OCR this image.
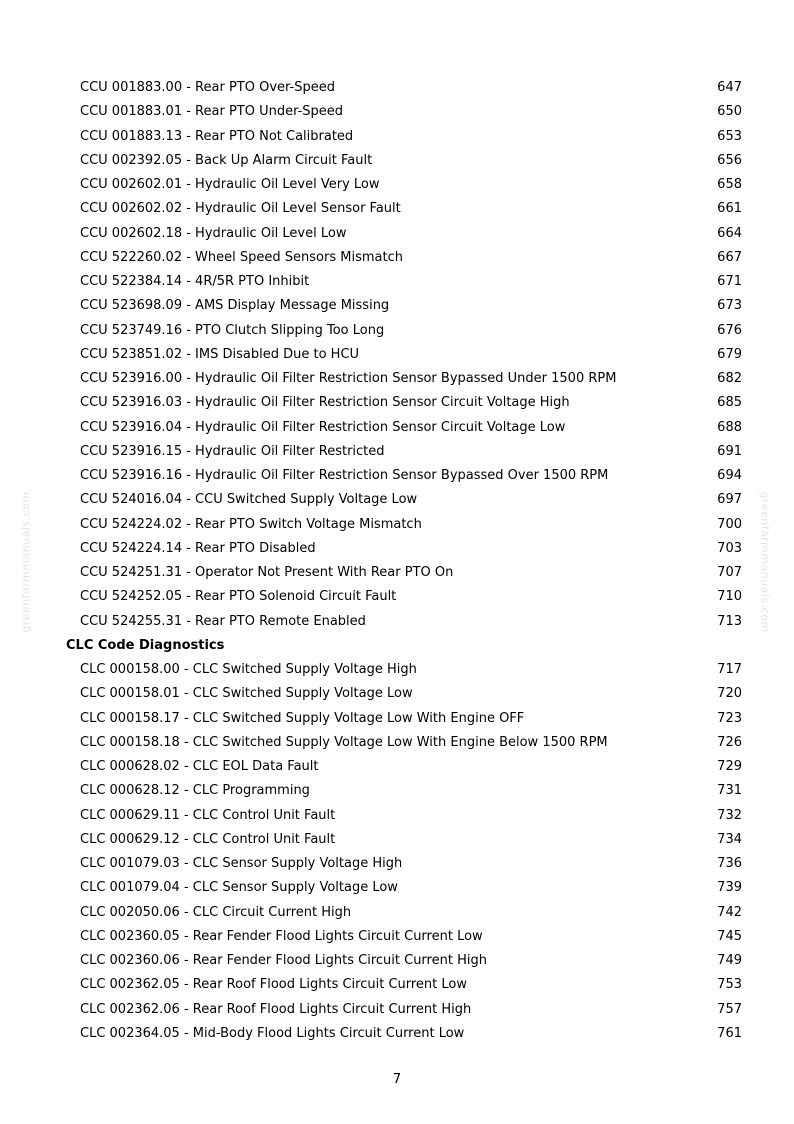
greenfarmmanuals.com	greenfarmmanuals.com
CCU 001883.00 - Rear PTO Over-Speed	647
CCU 001883.01 - Rear PTO Under-Speed	650
CCU 001883.13 - Rear PTO Not Calibrated	653
CCU 002392.05 - Back Up Alarm Circuit Fault	656
CCU 002602.01 - Hydraulic Oil Level Very Low	658
CCU 002602.02 - Hydraulic Oil Level Sensor Fault	661
CCU 002602.18 - Hydraulic Oil Level Low	664
CCU 522260.02 - Wheel Speed Sensors Mismatch	667
CCU 522384.14 - 4R/5R PTO Inhibit	671
CCU 523698.09 - AMS Display Message Missing	673
CCU 523749.16 - PTO Clutch Slipping Too Long	676
CCU 523851.02 - IMS Disabled Due to HCU	679
CCU 523916.00 - Hydraulic Oil Filter Restriction Sensor Bypassed Under 1500 RPM	682
CCU 523916.03 - Hydraulic Oil Filter Restriction Sensor Circuit Voltage High	685
CCU 523916.04 - Hydraulic Oil Filter Restriction Sensor Circuit Voltage Low	688
CCU 523916.15 - Hydraulic Oil Filter Restricted	691
CCU 523916.16 - Hydraulic Oil Filter Restriction Sensor Bypassed Over 1500 RPM	694
CCU 524016.04 - CCU Switched Supply Voltage Low	697
CCU 524224.02 - Rear PTO Switch Voltage Mismatch	700
CCU 524224.14 - Rear PTO Disabled	703
CCU 524251.31 - Operator Not Present With Rear PTO On	707
CCU 524252.05 - Rear PTO Solenoid Circuit Fault	710
CCU 524255.31 - Rear PTO Remote Enabled	713
CLC Code Diagnostics
CLC 000158.00 - CLC Switched Supply Voltage High	717
CLC 000158.01 - CLC Switched Supply Voltage Low	720
CLC 000158.17 - CLC Switched Supply Voltage Low With Engine OFF	723
CLC 000158.18 - CLC Switched Supply Voltage Low With Engine Below 1500 RPM	726
CLC 000628.02 - CLC EOL Data Fault	729
CLC 000628.12 - CLC Programming	731
CLC 000629.11 - CLC Control Unit Fault	732
CLC 000629.12 - CLC Control Unit Fault	734
CLC 001079.03 - CLC Sensor Supply Voltage High	736
CLC 001079.04 - CLC Sensor Supply Voltage Low	739
CLC 002050.06 - CLC Circuit Current High	742
CLC 002360.05 - Rear Fender Flood Lights Circuit Current Low	745
CLC 002360.06 - Rear Fender Flood Lights Circuit Current High	749
CLC 002362.05 - Rear Roof Flood Lights Circuit Current Low	753
CLC 002362.06 - Rear Roof Flood Lights Circuit Current High	757
CLC 002364.05 - Mid-Body Flood Lights Circuit Current Low	761
7
